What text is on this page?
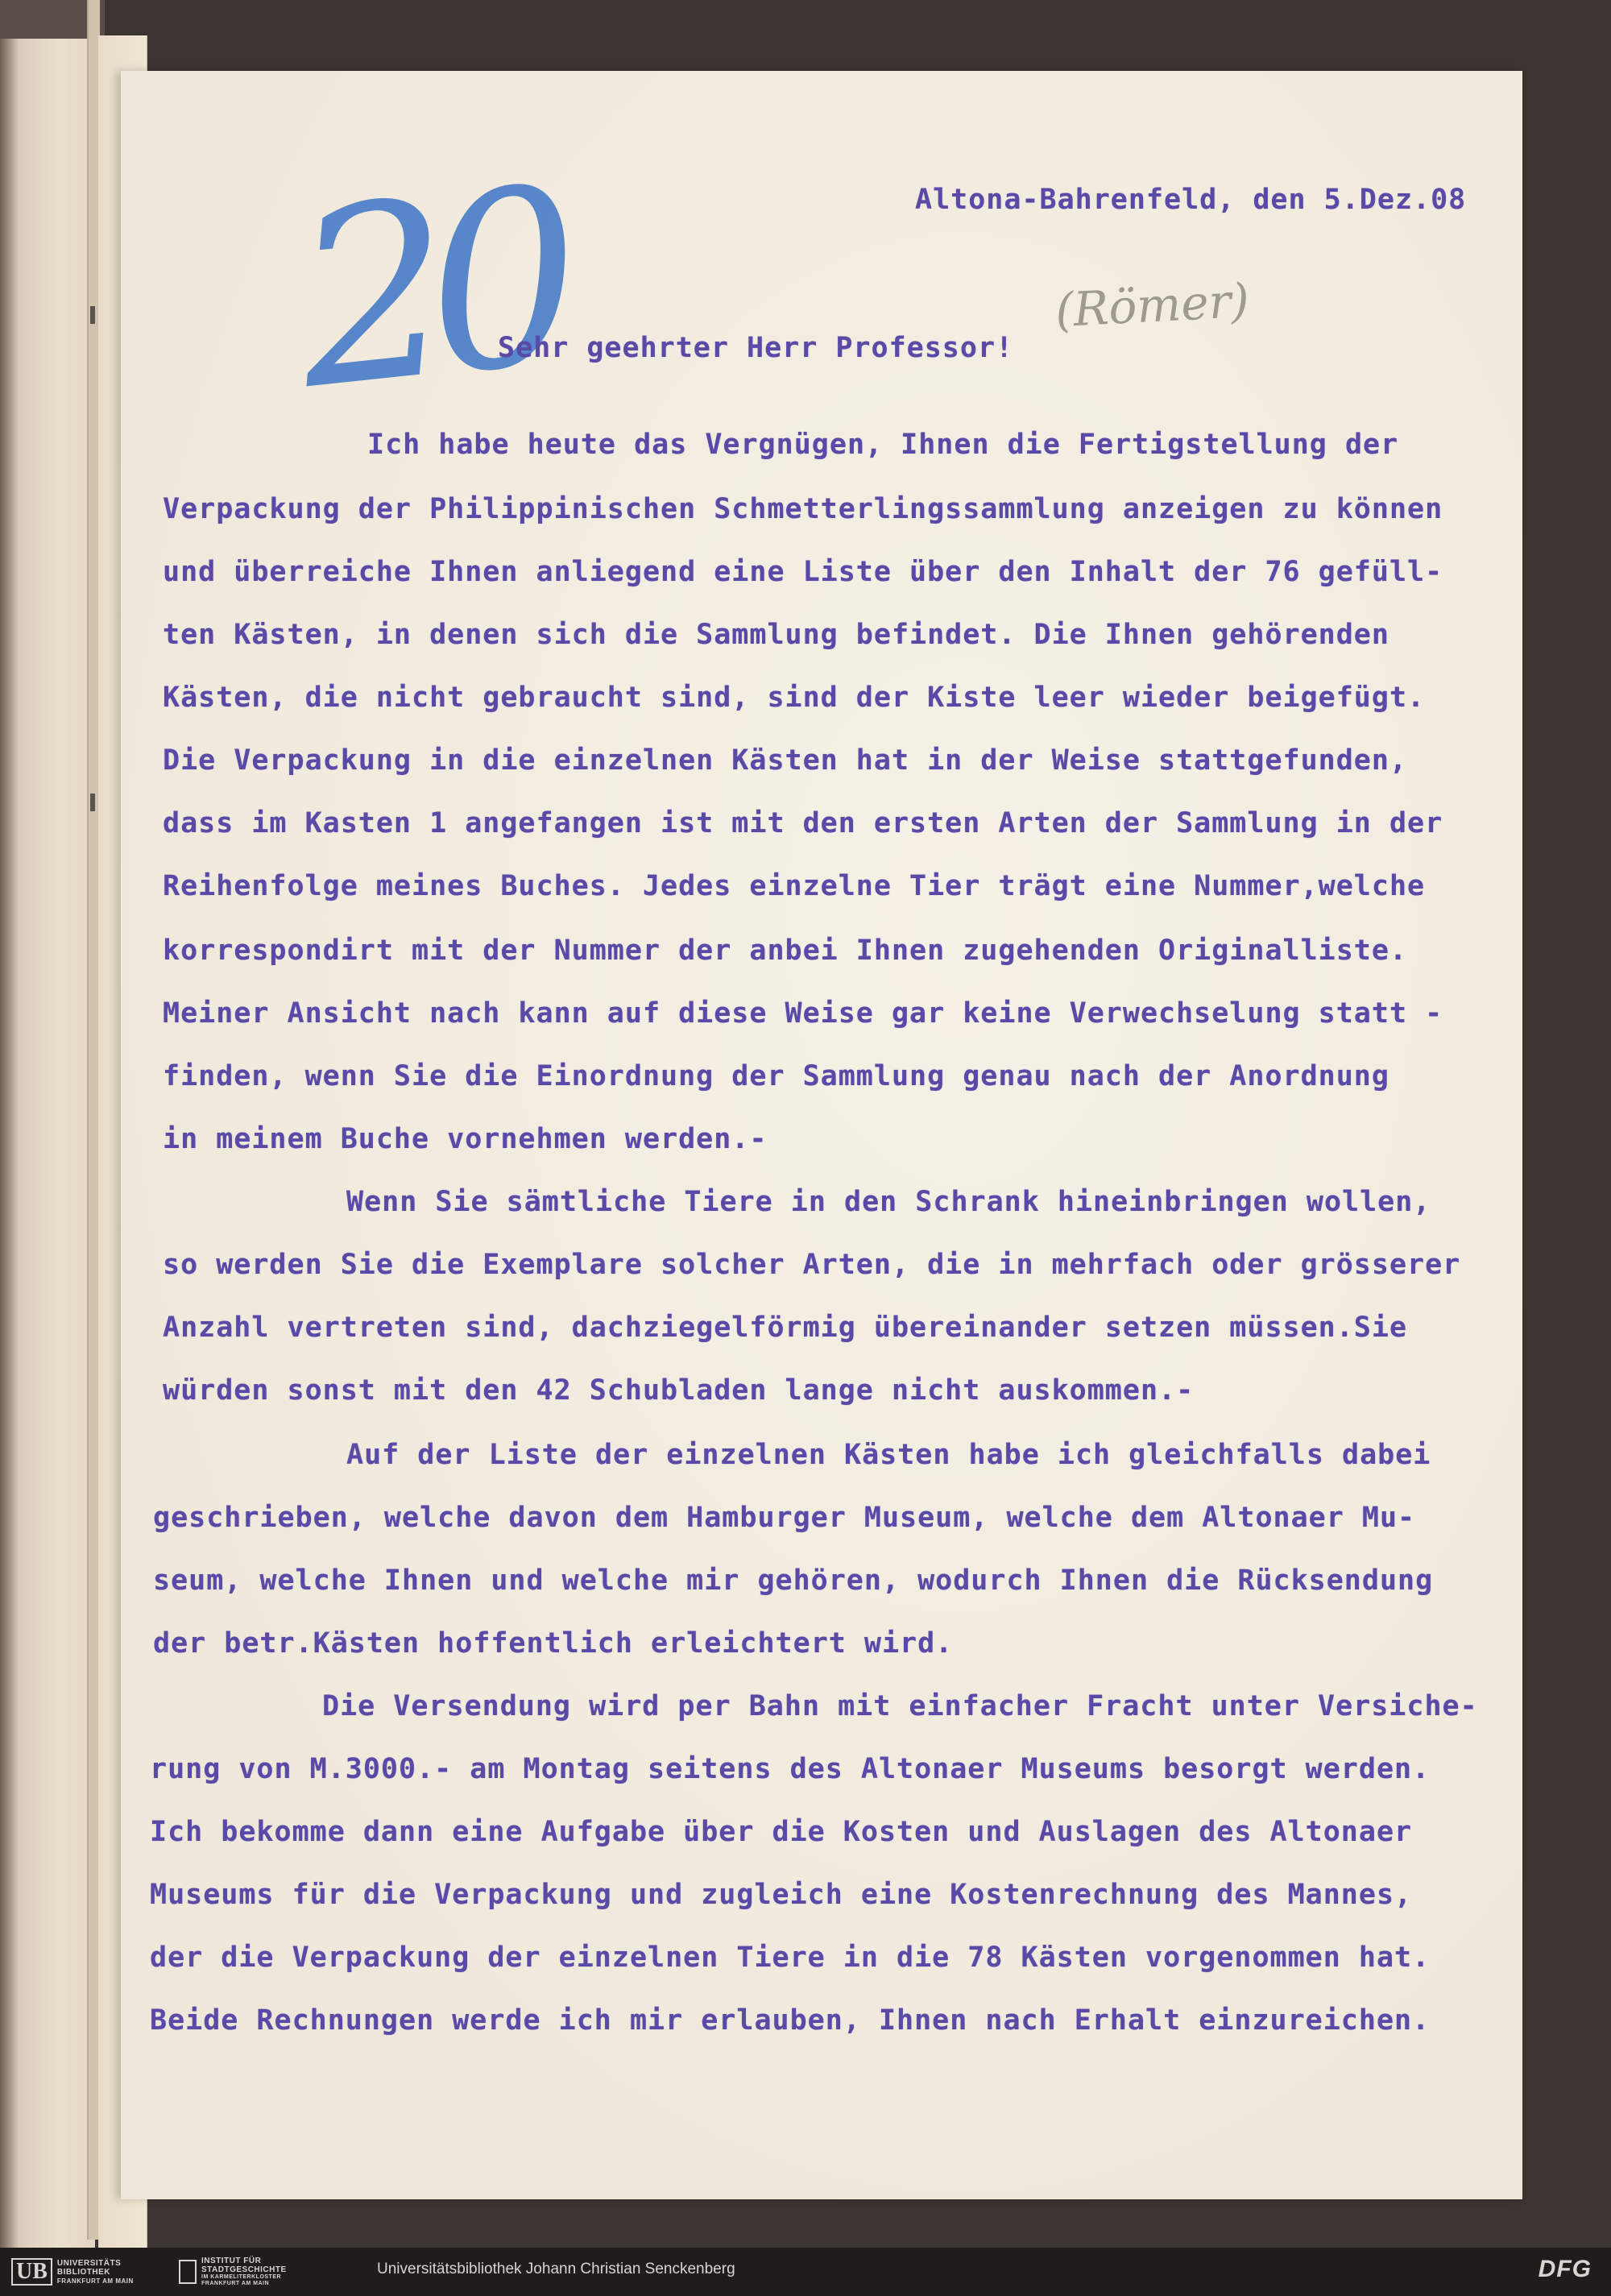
20	(Römer)

Altona-Bahrenfeld, den 5.Dez.08

Sehr geehrter Herr Professor!

Ich habe heute das Vergnügen, Ihnen die Fertigstellung der

Verpackung der Philippinischen Schmetterlingssammlung anzeigen zu können

und überreiche Ihnen anliegend eine Liste über den Inhalt der 76 gefüll-

ten Kästen, in denen sich die Sammlung befindet. Die Ihnen gehörenden

Kästen, die nicht gebraucht sind, sind der Kiste leer wieder beigefügt.

Die Verpackung in die einzelnen Kästen hat in der Weise stattgefunden,

dass im Kasten 1 angefangen ist mit den ersten Arten der Sammlung in der

Reihenfolge meines Buches. Jedes einzelne Tier trägt eine Nummer,welche

korrespondirt mit der Nummer der anbei Ihnen zugehenden Originalliste.

Meiner Ansicht nach kann auf diese Weise gar keine Verwechselung statt -

finden, wenn Sie die Einordnung der Sammlung genau nach der Anordnung

in meinem Buche vornehmen werden.-

Wenn Sie sämtliche Tiere in den Schrank hineinbringen wollen,

so werden Sie die Exemplare solcher Arten, die in mehrfach oder grösserer

Anzahl vertreten sind, dachziegelförmig übereinander setzen müssen.Sie

würden sonst mit den 42 Schubladen lange nicht auskommen.-

Auf der Liste der einzelnen Kästen habe ich gleichfalls dabei

geschrieben, welche davon dem Hamburger Museum, welche dem Altonaer Mu-

seum, welche Ihnen und welche mir gehören, wodurch Ihnen die Rücksendung

der betr.Kästen hoffentlich erleichtert wird.

Die Versendung wird per Bahn mit einfacher Fracht unter Versiche-

rung von M.3000.- am Montag seitens des Altonaer Museums besorgt werden.

Ich bekomme dann eine Aufgabe über die Kosten und Auslagen des Altonaer

Museums für die Verpackung und zugleich eine Kostenrechnung des Mannes,

der die Verpackung der einzelnen Tiere in die 78 Kästen vorgenommen hat.

Beide Rechnungen werde ich mir erlauben, Ihnen nach Erhalt einzureichen.

UB	UNIVERSITÄTS
BIBLIOTHEK
FRANKFURT AM MAIN
INSTITUT FÜR
STADTGESCHICHTE
IM KARMELITERKLOSTER
FRANKFURT AM MAIN
Universitätsbibliothek Johann Christian Senckenberg	DFG
